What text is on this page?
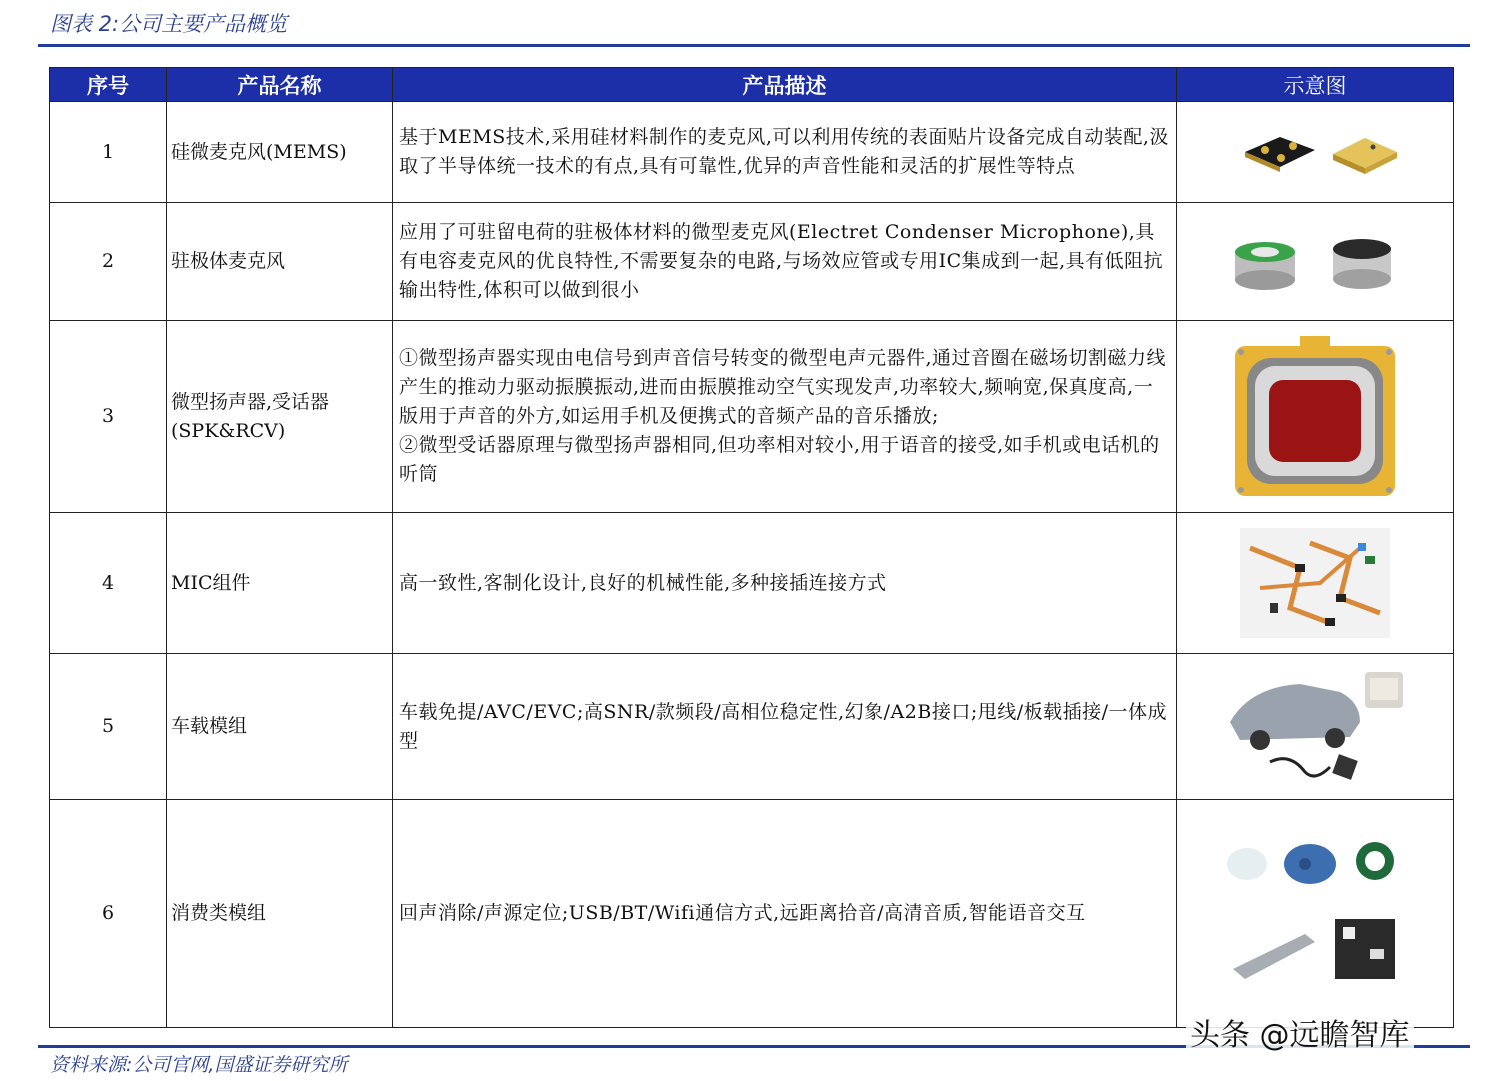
图表 2:公司主要产品概览
序号	产品名称	产品描述	示意图
1	硅微麦克风(MEMS)	基于MEMS技术,采用硅材料制作的麦克风,可以利用传统的表面贴片设备完成自动装配,汲取了半导体统一技术的有点,具有可靠性,优异的声音性能和灵活的扩展性等特点	

2	驻极体麦克风	应用了可驻留电荷的驻极体材料的微型麦克风(Electret Condenser Microphone),具有电容麦克风的优良特性,不需要复杂的电路,与场效应管或专用IC集成到一起,具有低阻抗输出特性,体积可以做到很小	

3	微型扬声器,受话器(SPK&RCV)	①微型扬声器实现由电信号到声音信号转变的微型电声元器件,通过音圈在磁场切割磁力线产生的推动力驱动振膜振动,进而由振膜推动空气实现发声,功率较大,频响宽,保真度高,一版用于声音的外方,如运用手机及便携式的音频产品的音乐播放;
②微型受话器原理与微型扬声器相同,但功率相对较小,用于语音的接受,如手机或电话机的听筒	

4	MIC组件	高一致性,客制化设计,良好的机械性能,多种接插连接方式	

5	车载模组	车载免提/AVC/EVC;高SNR/款频段/高相位稳定性,幻象/A2B接口;甩线/板载插接/一体成型	

6	消费类模组	回声消除/声源定位;USB/BT/Wifi通信方式,远距离拾音/高清音质,智能语音交互	
资料来源:公司官网,国盛证券研究所
头条 @远瞻智库
